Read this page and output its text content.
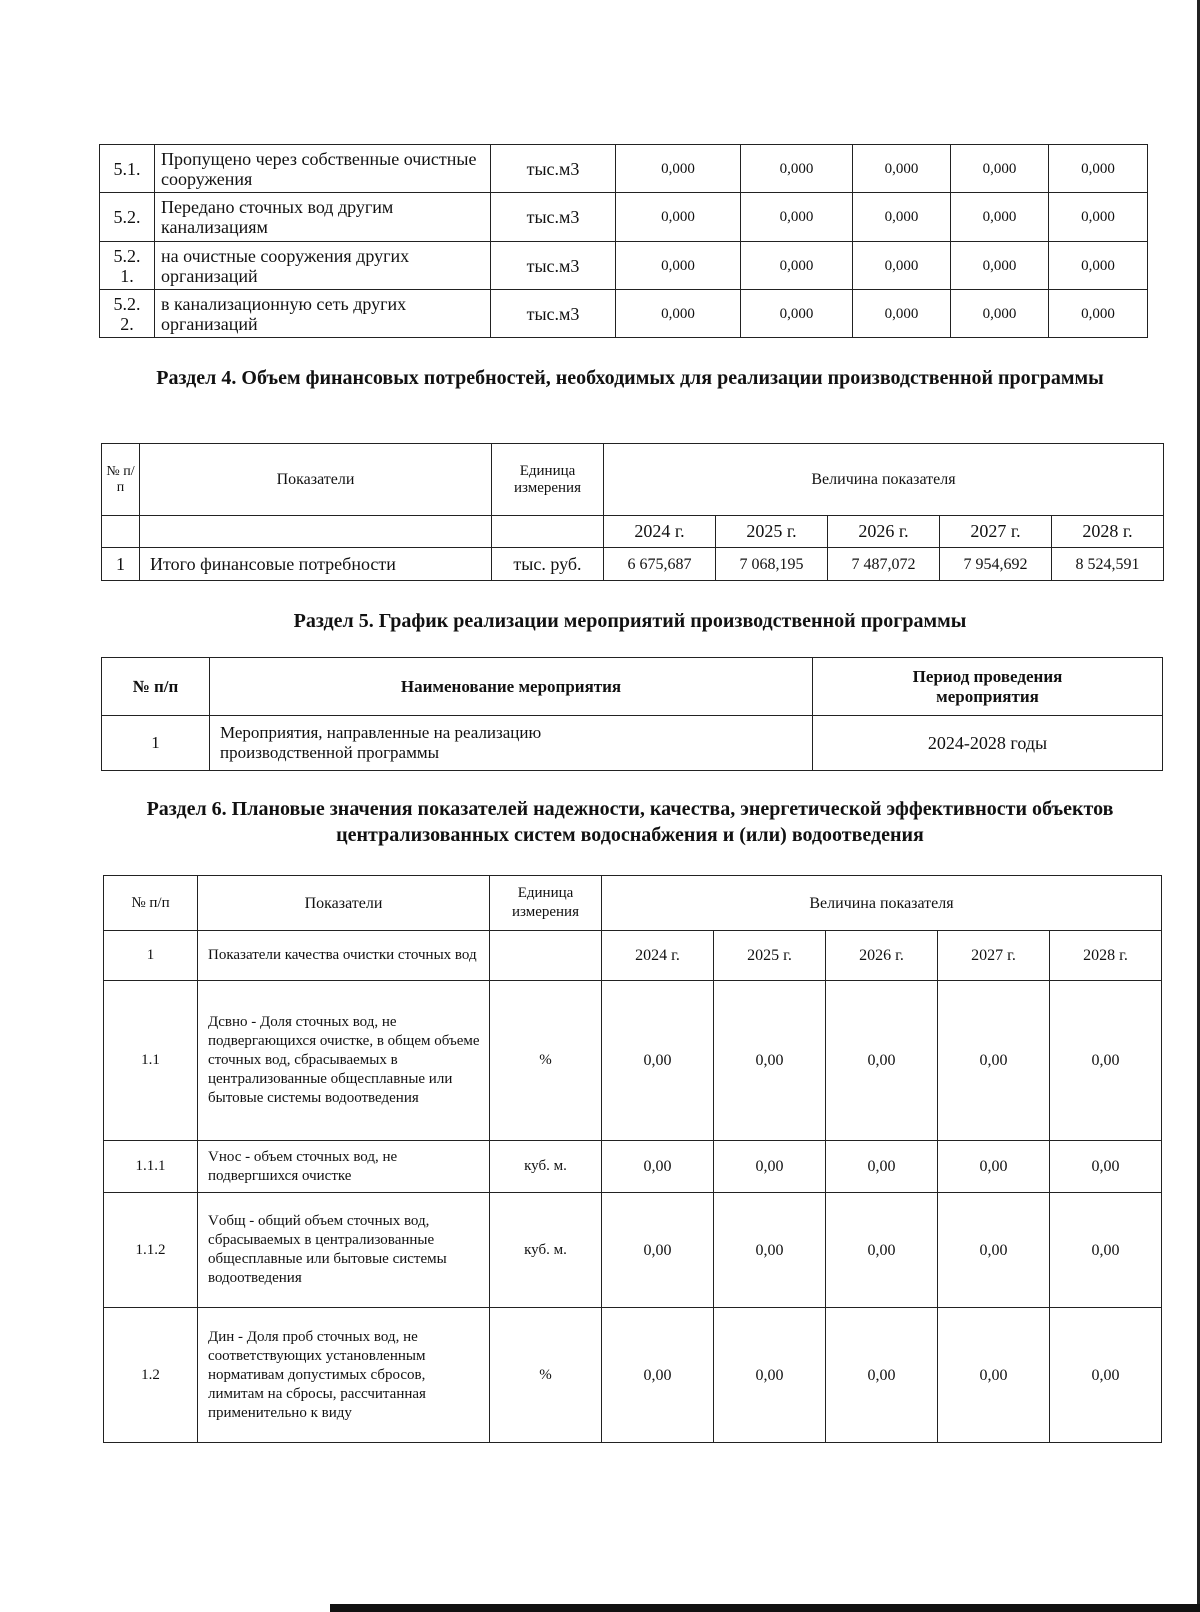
5.1.	Пропущено через собственные очистные сооружения	тыс.м3	0,000	0,000	0,000	0,000	0,000
5.2.	Передано сточных вод другим канализациям	тыс.м3	0,000	0,000	0,000	0,000	0,000
5.2. 1.	на очистные сооружения других организаций	тыс.м3	0,000	0,000	0,000	0,000	0,000
5.2. 2.	в канализационную сеть других организаций	тыс.м3	0,000	0,000	0,000	0,000	0,000
Раздел 4. Объем финансовых потребностей, необходимых для реализации производственной программы
№ п/ п	Показатели	Единица измерения	Величина показателя				
			2024 г.	2025 г.	2026 г.	2027 г.	2028 г.
1	Итого финансовые потребности	тыс. руб.	6 675,687	7 068,195	7 487,072	7 954,692	8 524,591
Раздел 5. График реализации мероприятий производственной программы
№ п/п	Наименование мероприятия	Период проведения мероприятия
1	Мероприятия, направленные на реализацию производственной программы	2024-2028 годы
Раздел 6. Плановые значения показателей надежности, качества, энергетической эффективности объектов централизованных систем водоснабжения и (или) водоотведения
№ п/п	Показатели	Единица измерения	Величина показателя				
1	Показатели качества очистки сточных вод		2024 г.	2025 г.	2026 г.	2027 г.	2028 г.
1.1	Дсвно - Доля сточных вод, не подвергающихся очистке, в общем объеме сточных вод, сбрасываемых в централизованные общесплавные или бытовые системы водоотведения	%	0,00	0,00	0,00	0,00	0,00
1.1.1	Vнос - объем сточных вод, не подвергшихся очистке	куб. м.	0,00	0,00	0,00	0,00	0,00
1.1.2	Vобщ - общий объем сточных вод, сбрасываемых в централизованные общесплавные или бытовые системы водоотведения	куб. м.	0,00	0,00	0,00	0,00	0,00
1.2	Дин - Доля проб сточных вод, не соответствующих установленным нормативам допустимых сбросов, лимитам на сбросы, рассчитанная применительно к виду	%	0,00	0,00	0,00	0,00	0,00
